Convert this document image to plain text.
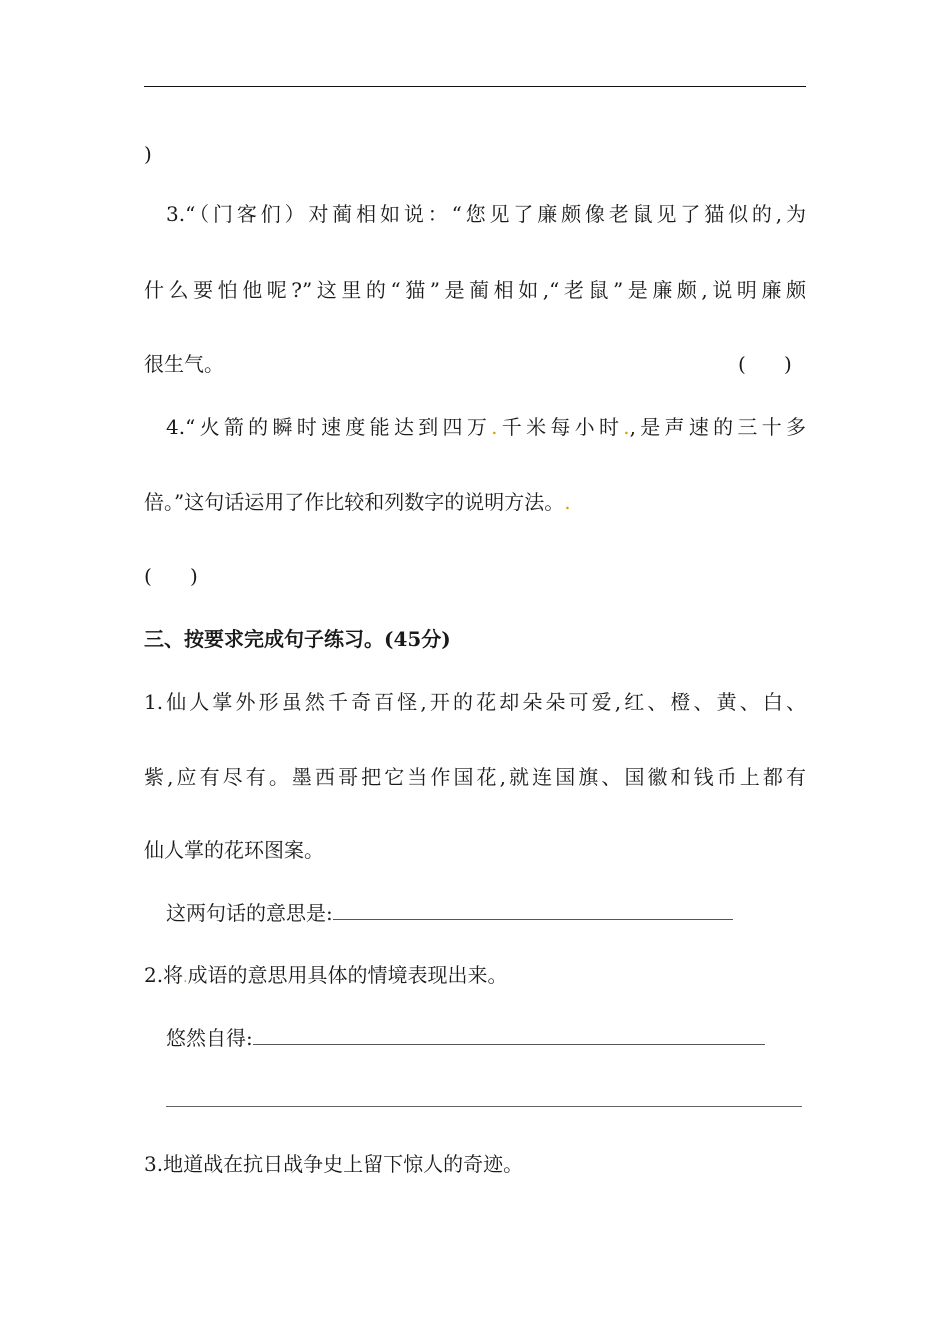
)
3.“（门客们）对蔺相如说：“您见了廉颇像老鼠见了猫似的,为
什么要怕他呢?”这里的“猫”是蔺相如,“老鼠”是廉颇,说明廉颇
很生气。	(      )
4.“火箭的瞬时速度能达到四万.千米每小时.,是声速的三十多
倍。”这句话运用了作比较和列数字的说明方法。.
(      )
三、按要求完成句子练习。(45分)
1.仙人掌外形虽然千奇百怪,开的花却朵朵可爱,红、橙、黄、白、
紫,应有尽有。墨西哥把它当作国花,就连国旗、国徽和钱币上都有
仙人掌的花环图案。
这两句话的意思是:
2.将.成语的意思用具体的情境表现出来。
悠然自得:
3.地道战在抗日战争史上留下惊人的奇迹。
